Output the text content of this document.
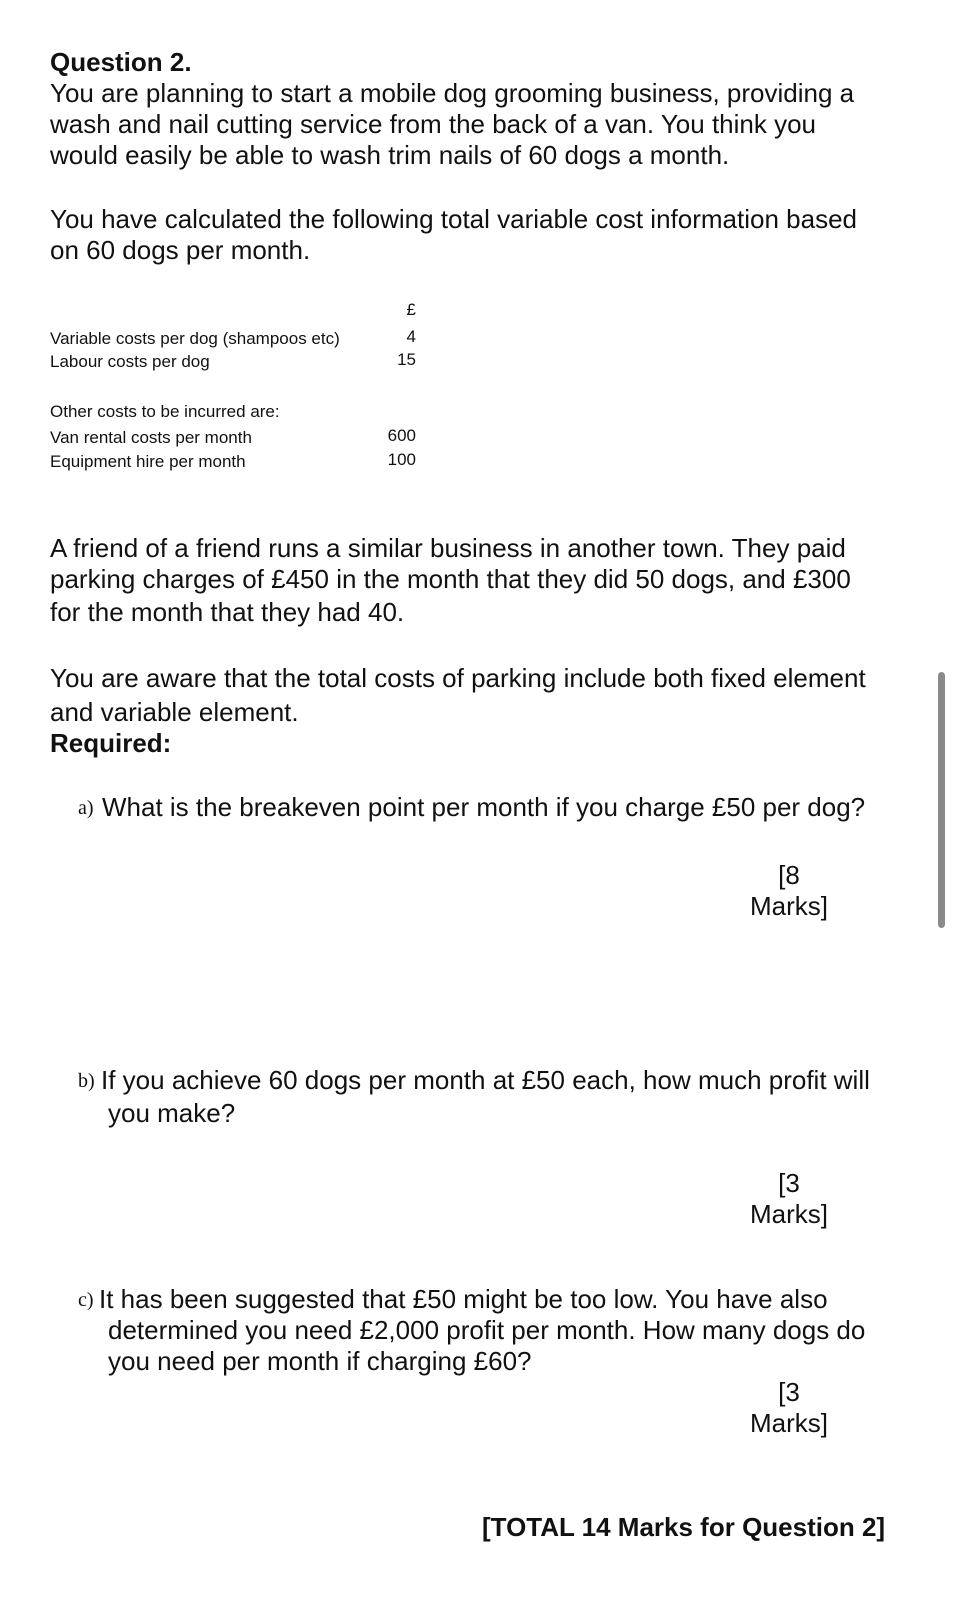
Question 2.
You are planning to start a mobile dog grooming business, providing a
wash and nail cutting service from the back of a van. You think you
would easily be able to wash trim nails of 60 dogs a month.
You have calculated the following total variable cost information based
on 60 dogs per month.
£
Variable costs per dog (shampoos etc)	4
Labour costs per dog	15
Other costs to be incurred are:
Van rental costs per month	600
Equipment hire per month	100
A friend of a friend runs a similar business in another town. They paid
parking charges of £450 in the month that they did 50 dogs, and £300
for the month that they had 40.
You are aware that the total costs of parking include both fixed element
and variable element.
Required:
a) What is the breakeven point per month if you charge £50 per dog?
[8
Marks]
b) If you achieve 60 dogs per month at £50 each, how much profit will
you make?
[3
Marks]
c) It has been suggested that £50 might be too low. You have also
determined you need £2,000 profit per month. How many dogs do
you need per month if charging £60?
[3
Marks]
[TOTAL 14 Marks for Question 2]
